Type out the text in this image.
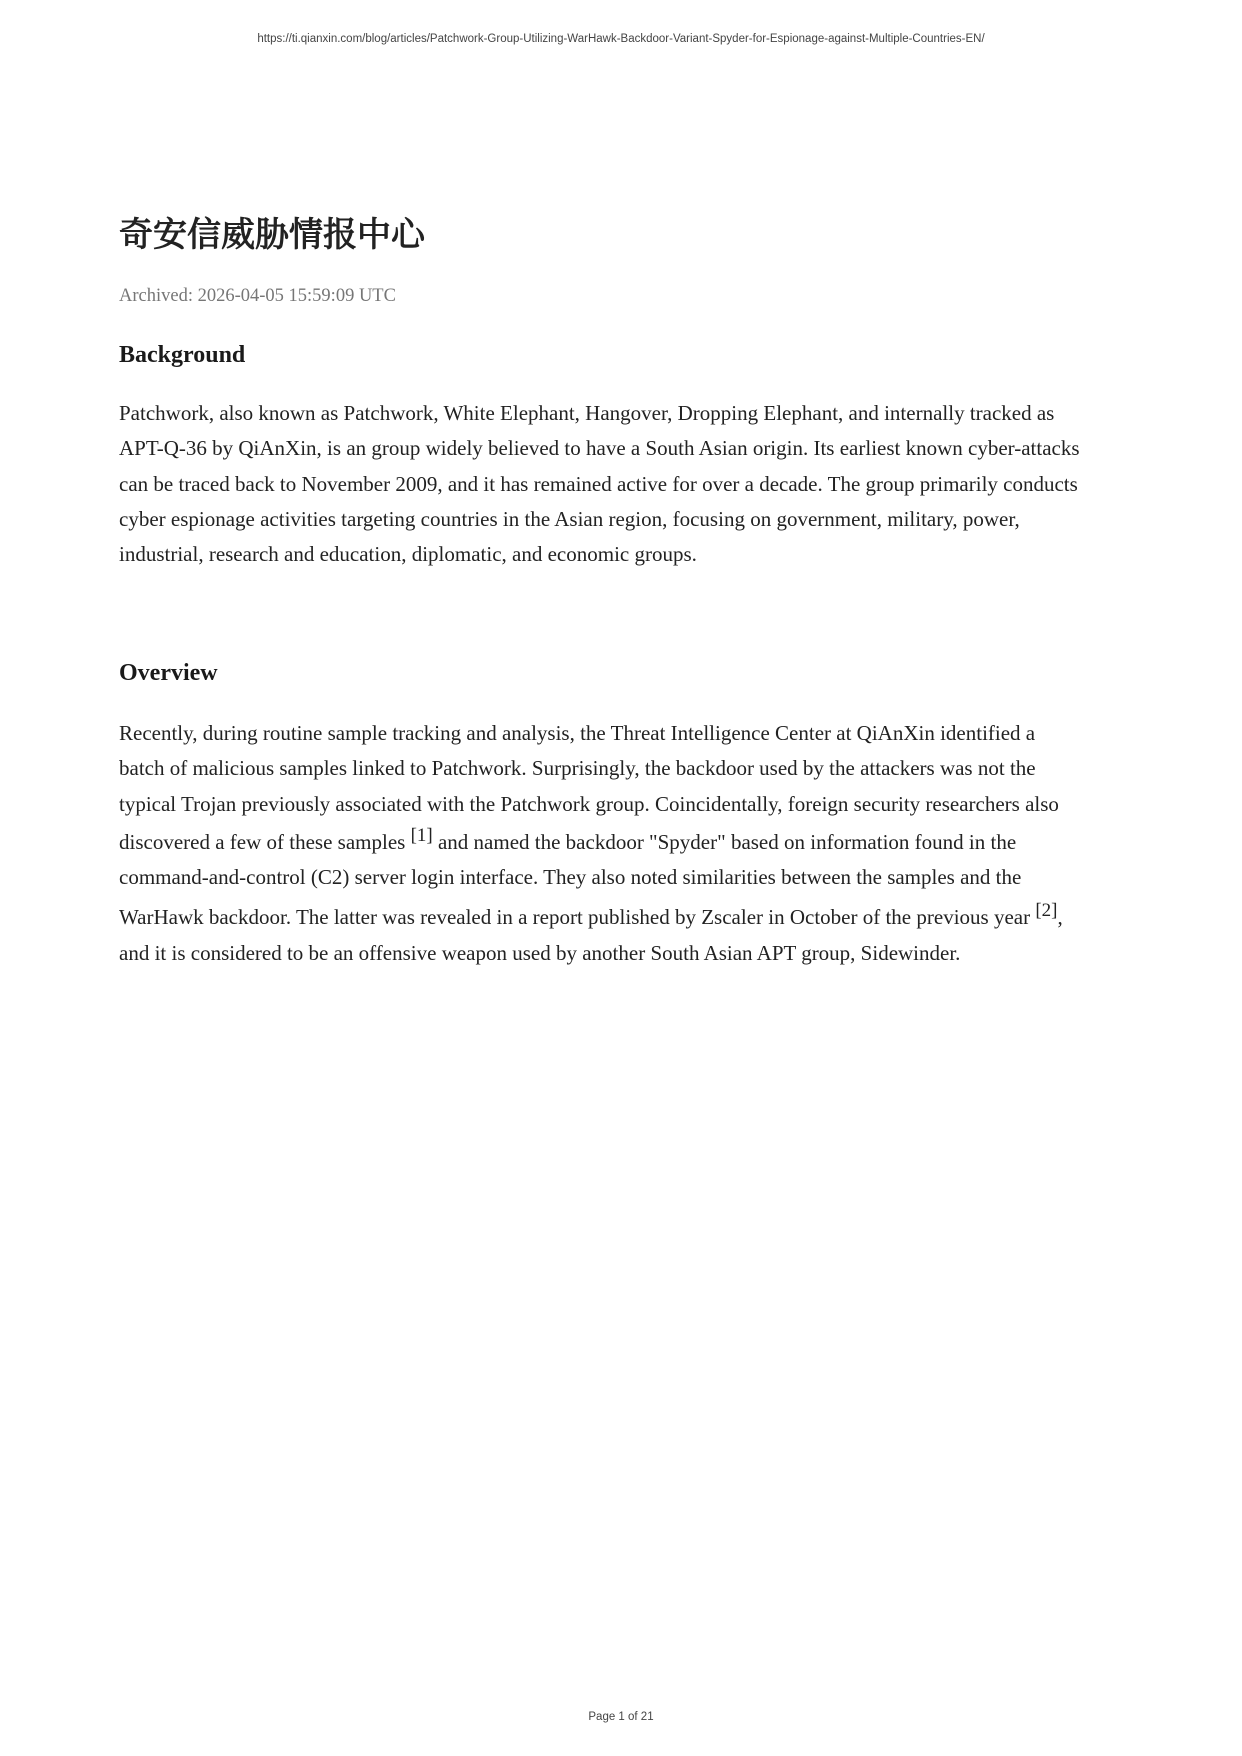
https://ti.qianxin.com/blog/articles/Patchwork-Group-Utilizing-WarHawk-Backdoor-Variant-Spyder-for-Espionage-against-Multiple-Countries-EN/
奇安信威胁情报中心
Archived: 2026-04-05 15:59:09 UTC
Background

Patchwork, also known as Patchwork, White Elephant, Hangover, Dropping Elephant, and internally tracked as
APT-Q-36 by QiAnXin, is an group widely believed to have a South Asian origin. Its earliest known cyber-attacks
can be traced back to November 2009, and it has remained active for over a decade. The group primarily conducts
cyber espionage activities targeting countries in the Asian region, focusing on government, military, power,
industrial, research and education, diplomatic, and economic groups.

Overview

Recently, during routine sample tracking and analysis, the Threat Intelligence Center at QiAnXin identified a
batch of malicious samples linked to Patchwork. Surprisingly, the backdoor used by the attackers was not the
typical Trojan previously associated with the Patchwork group. Coincidentally, foreign security researchers also
discovered a few of these samples [1] and named the backdoor "Spyder" based on information found in the
command-and-control (C2) server login interface. They also noted similarities between the samples and the
WarHawk backdoor. The latter was revealed in a report published by Zscaler in October of the previous year [2],
and it is considered to be an offensive weapon used by another South Asian APT group, Sidewinder.

Page 1 of 21
